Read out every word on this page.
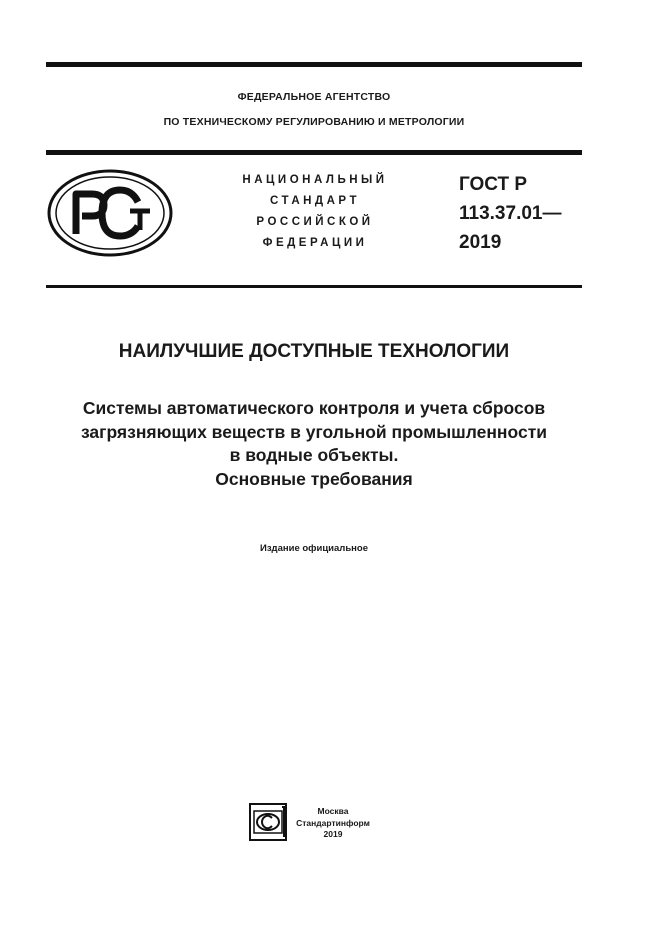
ФЕДЕРАЛЬНОЕ АГЕНТСТВО
ПО ТЕХНИЧЕСКОМУ РЕГУЛИРОВАНИЮ И МЕТРОЛОГИИ
НАЦИОНАЛЬНЫЙ
СТАНДАРТ
РОССИЙСКОЙ
ФЕДЕРАЦИИ
ГОСТ Р
113.37.01—
2019
НАИЛУЧШИЕ ДОСТУПНЫЕ ТЕХНОЛОГИИ
Системы автоматического контроля и учета сбросов
загрязняющих веществ в угольной промышленности
в водные объекты.
Основные требования
Издание официальное
Москва
Стандартинформ
2019
